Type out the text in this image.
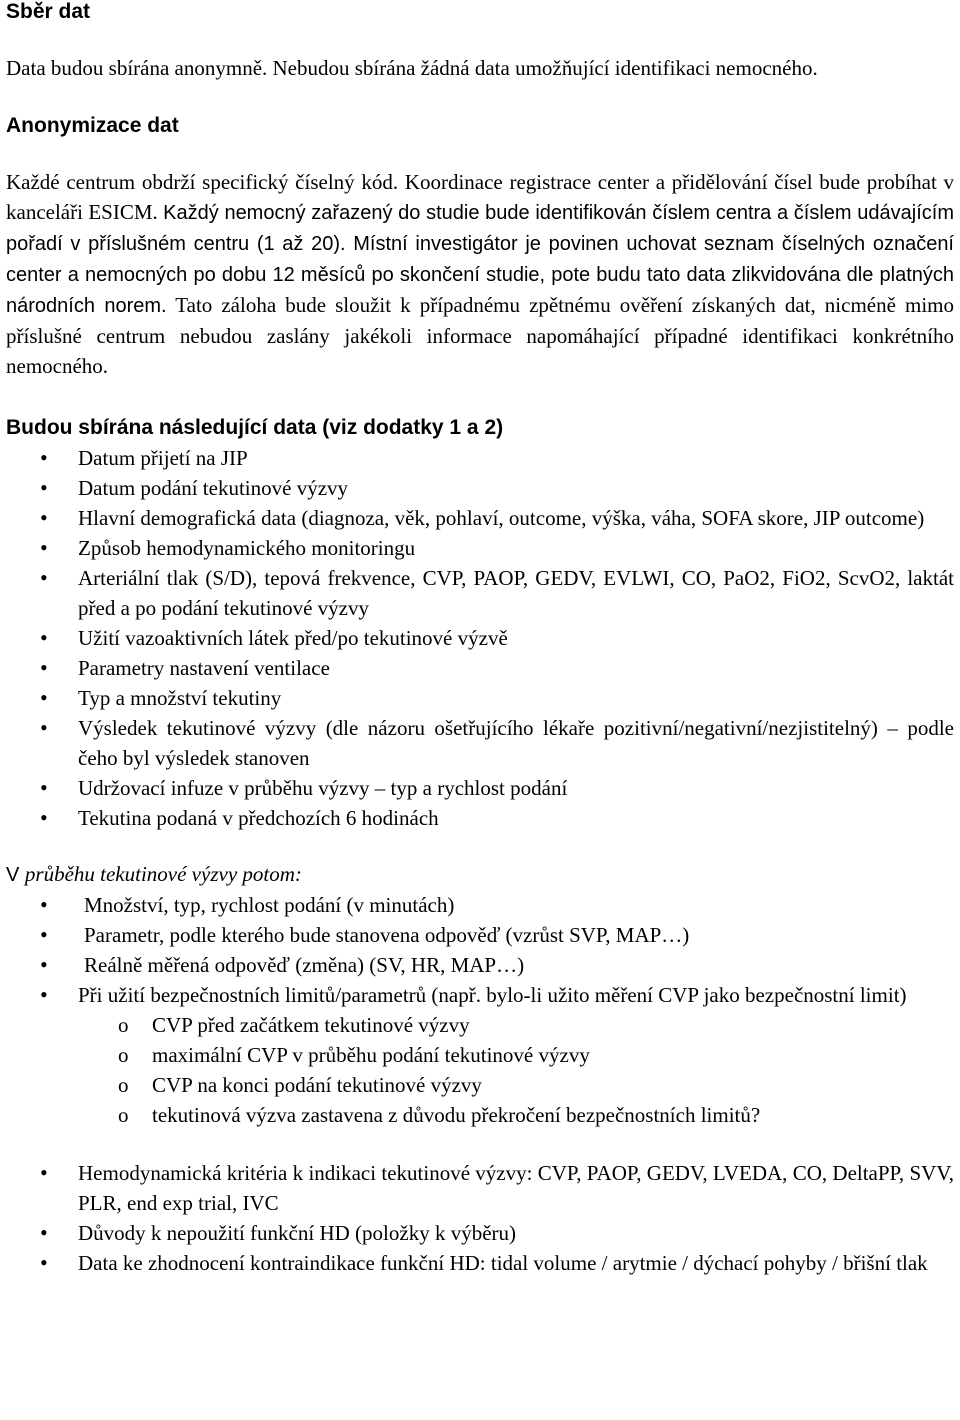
Sběr dat

Data budou sbírána anonymně. Nebudou sbírána žádná data umožňující identifikaci nemocného.

Anonymizace dat

Každé centrum obdrží specifický číselný kód. Koordinace registrace center a přidělování čísel bude probíhat v kanceláři ESICM. Každý nemocný zařazený do studie bude identifikován číslem centra a číslem udávajícím pořadí v příslušném centru (1 až 20). Místní investigátor je povinen uchovat seznam číselných označení center a nemocných po dobu 12 měsíců po skončení studie, pote budu tato data zlikvidována dle platných národních norem. Tato záloha bude sloužit k případnému zpětnému ověření získaných dat, nicméně mimo příslušné centrum nebudou zaslány jakékoli informace napomáhající případné identifikaci konkrétního nemocného.

Budou sbírána následující data (viz dodatky 1 a 2)

• Datum přijetí na JIP
• Datum podání tekutinové výzvy
• Hlavní demografická data (diagnoza, věk, pohlaví, outcome, výška, váha, SOFA skore, JIP outcome)
• Způsob hemodynamického monitoringu
• Arteriální tlak (S/D), tepová frekvence, CVP, PAOP, GEDV, EVLWI, CO, PaO2, FiO2, ScvO2, laktát před a po podání tekutinové výzvy
• Užití vazoaktivních látek před/po tekutinové výzvě
• Parametry nastavení ventilace
• Typ a množství tekutiny
• Výsledek tekutinové výzvy (dle názoru ošetřujícího lékaře pozitivní/negativní/nezjistitelný) – podle čeho byl výsledek stanoven
• Udržovací infuze v průběhu výzvy – typ a rychlost podání
• Tekutina podaná v předchozích 6 hodinách

V průběhu tekutinové výzvy potom:

• Množství, typ, rychlost podání (v minutách)
• Parametr, podle kterého bude stanovena odpověď (vzrůst SVP, MAP…)
• Reálně měřená odpověď (změna) (SV, HR, MAP…)
• Při užití bezpečnostních limitů/parametrů (např. bylo-li užito měření CVP jako bezpečnostní limit)
o CVP před začátkem tekutinové výzvy
o maximální CVP v průběhu podání tekutinové výzvy
o CVP na konci podání tekutinové výzvy
o tekutinová výzva zastavena z důvodu překročení bezpečnostních limitů?
• Hemodynamická kritéria k indikaci tekutinové výzvy: CVP, PAOP, GEDV, LVEDA, CO, DeltaPP, SVV, PLR, end exp trial, IVC
• Důvody k nepoužití funkční HD (položky k výběru)
• Data ke zhodnocení kontraindikace funkční HD: tidal volume / arytmie / dýchací pohyby / břišní tlak
